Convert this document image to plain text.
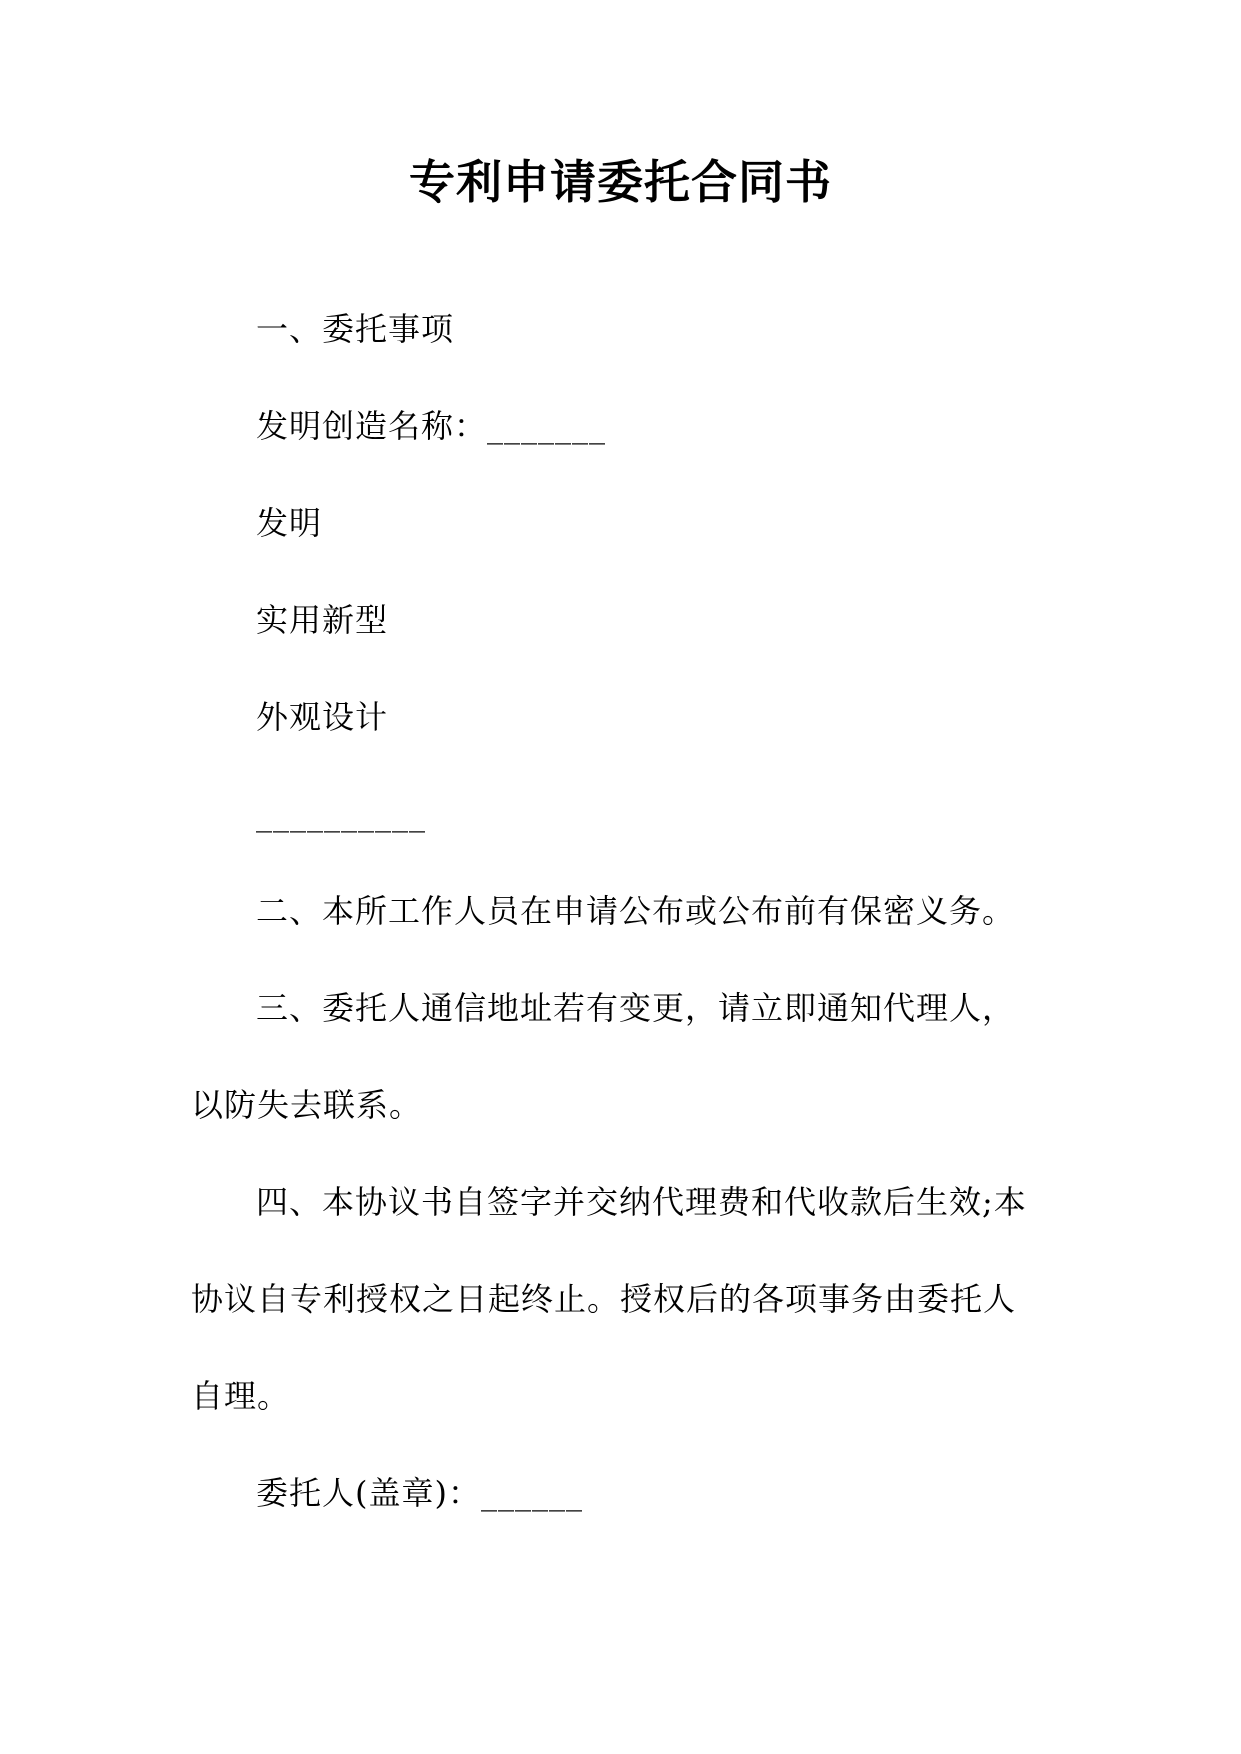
专利申请委托合同书
一、委托事项
发明创造名称：_______
发明
实用新型
外观设计
__________
二、本所工作人员在申请公布或公布前有保密义务。
三、委托人通信地址若有变更，请立即通知代理人，
以防失去联系。
四、本协议书自签字并交纳代理费和代收款后生效;本
协议自专利授权之日起终止。授权后的各项事务由委托人
自理。
委托人(盖章)：______
